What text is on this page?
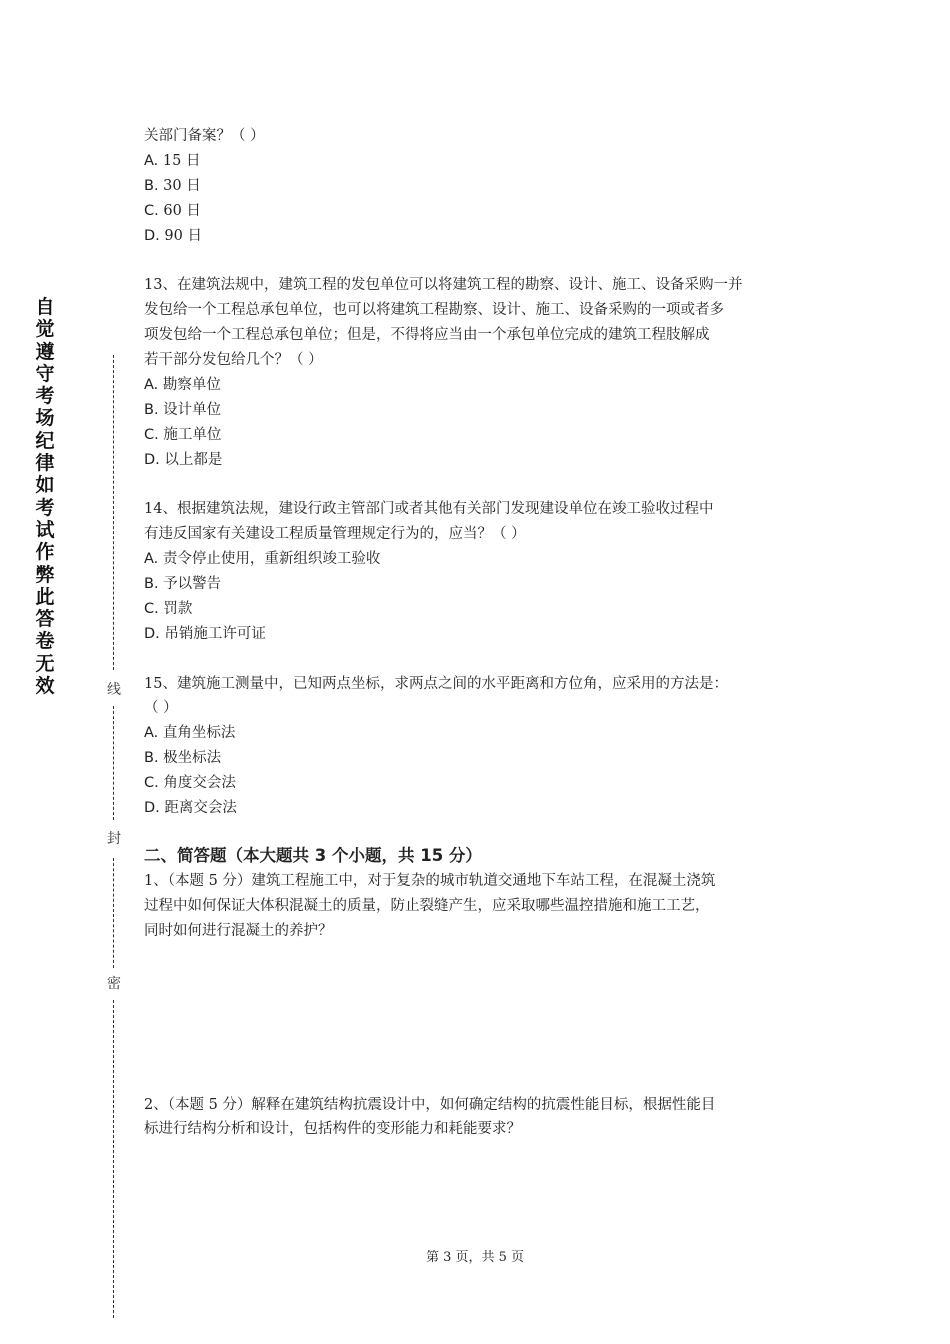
自
觉
遵
守
考
场
纪
律
如
考
试
作
弊
此
答
卷
无
效	线
封
密
关部门备案？（ ）
A. 15 日
B. 30 日
C. 60 日
D. 90 日
13、在建筑法规中，建筑工程的发包单位可以将建筑工程的勘察、设计、施工、设备采购一并
发包给一个工程总承包单位，也可以将建筑工程勘察、设计、施工、设备采购的一项或者多
项发包给一个工程总承包单位；但是，不得将应当由一个承包单位完成的建筑工程肢解成
若干部分发包给几个？（ ）
A. 勘察单位
B. 设计单位
C. 施工单位
D. 以上都是
14、根据建筑法规，建设行政主管部门或者其他有关部门发现建设单位在竣工验收过程中
有违反国家有关建设工程质量管理规定行为的，应当？（ ）
A. 责令停止使用，重新组织竣工验收
B. 予以警告
C. 罚款
D. 吊销施工许可证
15、建筑施工测量中，已知两点坐标，求两点之间的水平距离和方位角，应采用的方法是：
（ ）
A. 直角坐标法
B. 极坐标法
C. 角度交会法
D. 距离交会法
二、简答题（本大题共 3 个小题，共 15 分）
1、（本题 5 分）建筑工程施工中，对于复杂的城市轨道交通地下车站工程，在混凝土浇筑
过程中如何保证大体积混凝土的质量，防止裂缝产生，应采取哪些温控措施和施工工艺，
同时如何进行混凝土的养护？
2、（本题 5 分）解释在建筑结构抗震设计中，如何确定结构的抗震性能目标，根据性能目
标进行结构分析和设计，包括构件的变形能力和耗能要求？
第 3 页，共 5 页
